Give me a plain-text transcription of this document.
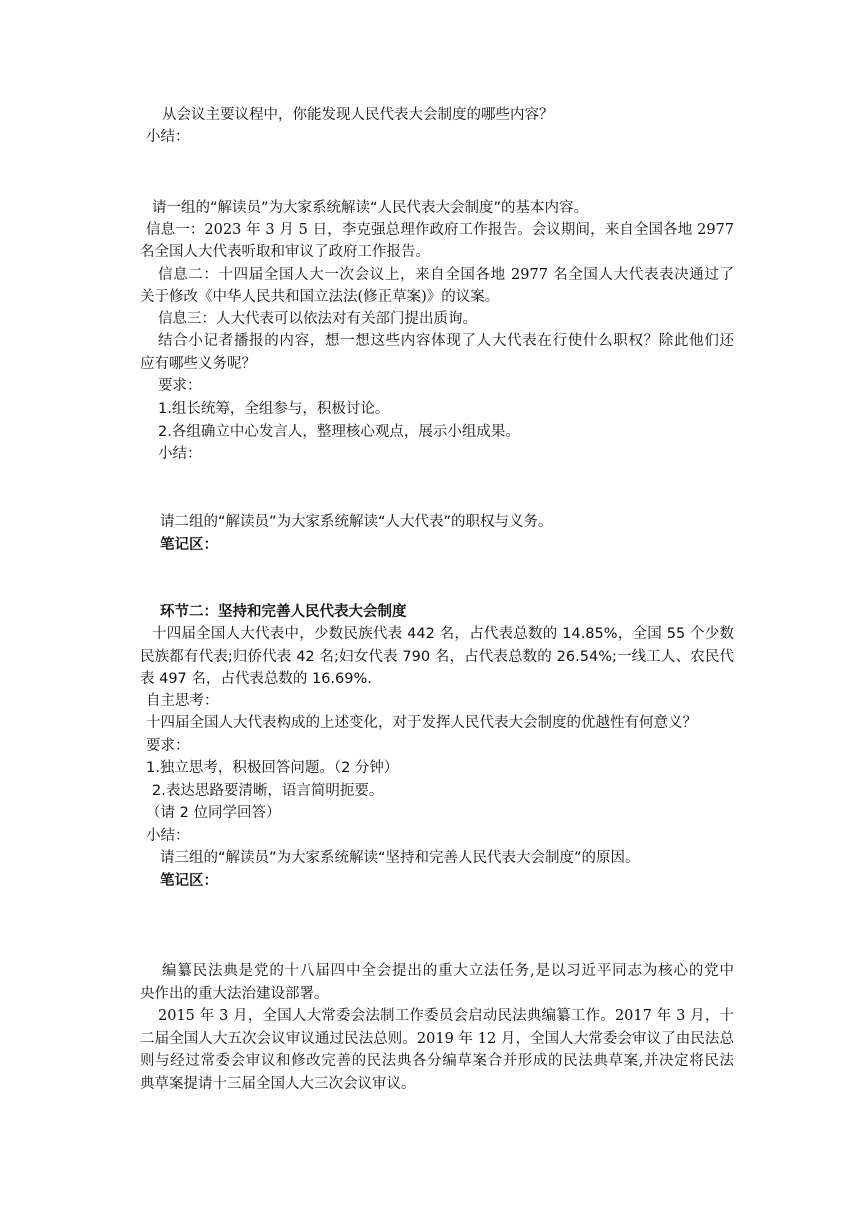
从会议主要议程中，你能发现人民代表大会制度的哪些内容？
小结：
请一组的“解读员”为大家系统解读“人民代表大会制度”的基本内容。
信息一：2023 年 3 月 5 日，李克强总理作政府工作报告。会议期间，来自全国各地 2977
名全国人大代表听取和审议了政府工作报告。
信息二：十四届全国人大一次会议上，来自全国各地 2977 名全国人大代表表决通过了
关于修改《中华人民共和国立法法(修正草案)》的议案。
信息三：人大代表可以依法对有关部门提出质询。
结合小记者播报的内容，想一想这些内容体现了人大代表在行使什么职权？除此他们还
应有哪些义务呢？
要求：
1.组长统筹，全组参与，积极讨论。
2.各组确立中心发言人，整理核心观点，展示小组成果。
小结：
请二组的“解读员”为大家系统解读“人大代表”的职权与义务。
笔记区：
环节二：坚持和完善人民代表大会制度
十四届全国人大代表中，少数民族代表 442 名，占代表总数的 14.85%，全国 55 个少数
民族都有代表;归侨代表 42 名;妇女代表 790 名，占代表总数的 26.54%;一线工人、农民代
表 497 名，占代表总数的 16.69%.
自主思考：
十四届全国人大代表构成的上述变化，对于发挥人民代表大会制度的优越性有何意义？
要求：
1.独立思考，积极回答问题。（2 分钟）
2.表达思路要清晰，语言简明扼要。
（请 2 位同学回答）
小结：
请三组的“解读员”为大家系统解读“坚持和完善人民代表大会制度”的原因。
笔记区：
编纂民法典是党的十八届四中全会提出的重大立法任务,是以习近平同志为核心的党中
央作出的重大法治建设部署。
2015 年 3 月，全国人大常委会法制工作委员会启动民法典编纂工作。2017 年 3 月，十
二届全国人大五次会议审议通过民法总则。2019 年 12 月，全国人大常委会审议了由民法总
则与经过常委会审议和修改完善的民法典各分编草案合并形成的民法典草案,并决定将民法
典草案提请十三届全国人大三次会议审议。
